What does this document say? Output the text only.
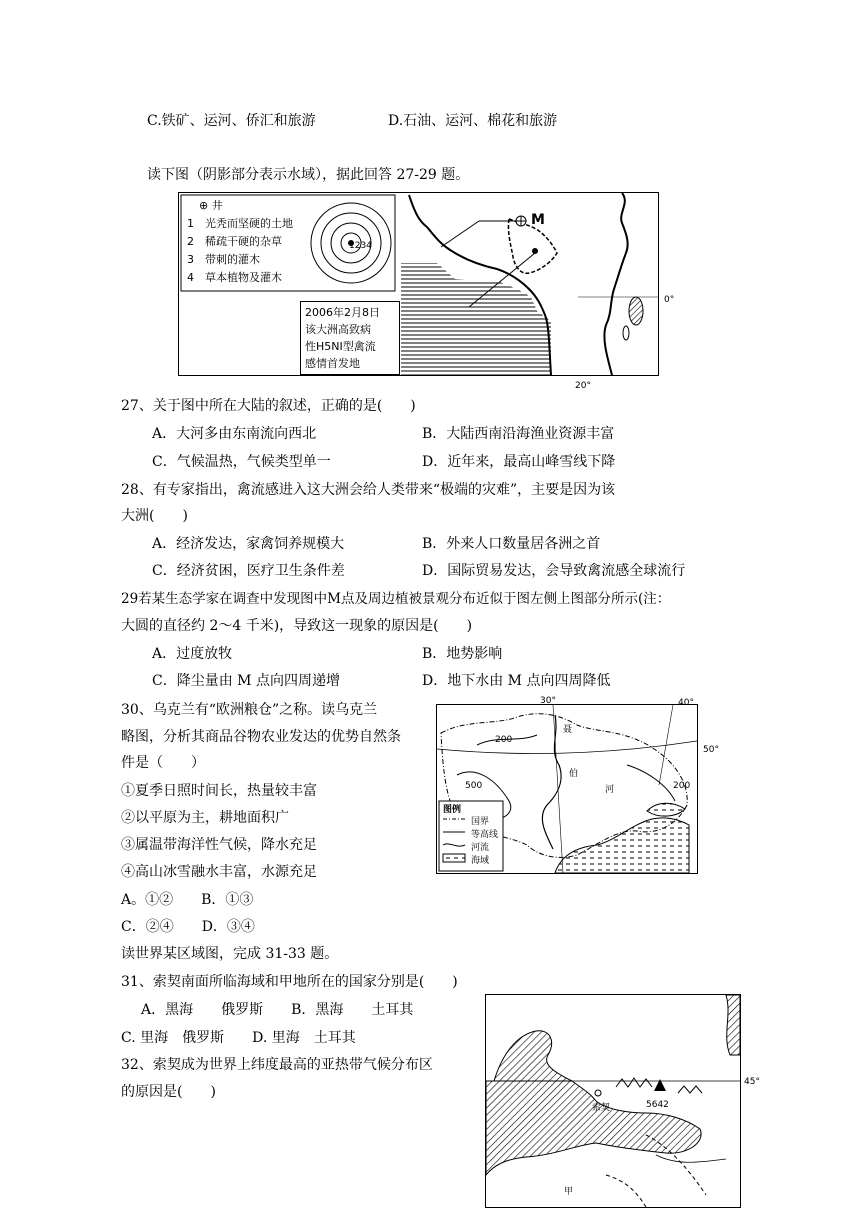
C.铁矿、运河、侨汇和旅游	D.石油、运河、棉花和旅游
读下图（阴影部分表示水域），据此回答 27-29 题。
⊕ 井
1　光秃而坚硬的土地
2　稀疏干硬的杂草
3　带刺的灌木
4　草本植物及灌木
1234
M
2006年2月8日
该大洲高致病
性H5NI型禽流
感情首发地
0°
20°
27、关于图中所在大陆的叙述，正确的是(　　)
A．大河多由东南流向西北	B．大陆西南沿海渔业资源丰富
C．气候温热，气候类型单一	D．近年来，最高山峰雪线下降
28、有专家指出，禽流感进入这大洲会给人类带来“极端的灾难”，主要是因为该
大洲(　　)
A．经济发达，家禽饲养规模大	B．外来人口数量居各洲之首
C．经济贫困，医疗卫生条件差	D．国际贸易发达，会导致禽流感全球流行
29若某生态学家在调查中发现图中M点及周边植被景观分布近似于图左侧上图部分所示(注：
大圆的直径约 2～4 千米)，导致这一现象的原因是(　　)
A．过度放牧	B．地势影响
C．降尘量由 M 点向四周递增	D．地下水由 M 点向四周降低
30、乌克兰有“欧洲粮仓”之称。读乌克兰
略图，分析其商品谷物农业发达的优势自然条
件是（　　）
①夏季日照时间长，热量较丰富
②以平原为主，耕地面积广
③属温带海洋性气候，降水充足
④高山冰雪融水丰富，水源充足
A。①②　　B．①③
C．②④　　D．③④
200
500	200
聂
伯
河
图例
国界
等高线
河流
海域
30°	40°
50°
读世界某区域图，完成 31-33 题。
31、索契南面所临海域和甲地所在的国家分别是(　　)
A．黑海　　俄罗斯　　B．黑海　　土耳其
C. 里海　俄罗斯　　D. 里海　土耳其
32、索契成为世界上纬度最高的亚热带气候分布区
的原因是(　　)
索契	5642
甲
45°
